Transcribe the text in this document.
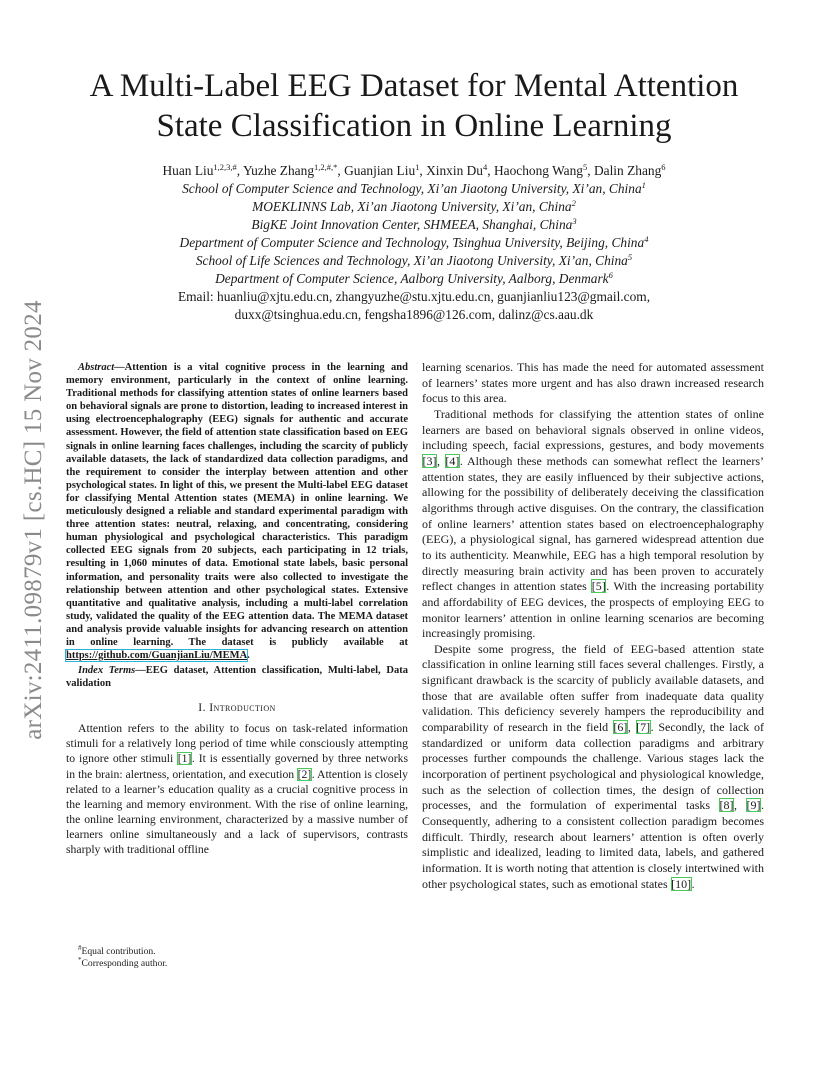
arXiv:2411.09879v1 [cs.HC] 15 Nov 2024
A Multi-Label EEG Dataset for Mental Attention
State Classification in Online Learning
Huan Liu$^{1,2,3,\#}$, Yuzhe Zhang$^{1,2,\#,*}$, Guanjian Liu$^1$, Xinxin Du$^4$, Haochong Wang$^5$, Dalin Zhang$^6$
School of Computer Science and Technology, Xi’an Jiaotong University, Xi’an, China$^1$
MOEKLINNS Lab, Xi’an Jiaotong University, Xi’an, China$^2$
BigKE Joint Innovation Center, SHMEEA, Shanghai, China$^3$
Department of Computer Science and Technology, Tsinghua University, Beijing, China$^4$
School of Life Sciences and Technology, Xi’an Jiaotong University, Xi’an, China$^5$
Department of Computer Science, Aalborg University, Aalborg, Denmark$^6$
Email: huanliu@xjtu.edu.cn, zhangyuzhe@stu.xjtu.edu.cn, guanjianliu123@gmail.com,
duxx@tsinghua.edu.cn, fengsha1896@126.com, dalinz@cs.aau.dk

Abstract—Attention is a vital cognitive process in the learning and memory environment, particularly in the context of online learning. Traditional methods for classifying attention states of online learners based on behavioral signals are prone to distortion, leading to increased interest in using electroencephalography (EEG) signals for authentic and accurate assessment. However, the field of attention state classification based on EEG signals in online learning faces challenges, including the scarcity of publicly available datasets, the lack of standardized data collection paradigms, and the requirement to consider the interplay between attention and other psychological states. In light of this, we present the Multi-label EEG dataset for classifying Mental Attention states (MEMA) in online learning. We meticulously designed a reliable and standard experimental paradigm with three attention states: neutral, relaxing, and concentrating, considering human physiological and psychological characteristics. This paradigm collected EEG signals from 20 subjects, each participating in 12 trials, resulting in 1,060 minutes of data. Emotional state labels, basic personal information, and personality traits were also collected to investigate the relationship between attention and other psychological states. Extensive quantitative and qualitative analysis, including a multi-label correlation study, validated the quality of the EEG attention data. The MEMA dataset and analysis provide valuable insights for advancing research on attention in online learning. The dataset is publicly available at https://github.com/GuanjianLiu/MEMA.

Index Terms—EEG dataset, Attention classification, Multi-label, Data validation

I. Introduction

Attention refers to the ability to focus on task-related information stimuli for a relatively long period of time while consciously attempting to ignore other stimuli [1]. It is essentially governed by three networks in the brain: alertness, orientation, and execution [2]. Attention is closely related to a learner’s education quality as a crucial cognitive process in the learning and memory environment. With the rise of online learning, the online learning environment, characterized by a massive number of learners online simultaneously and a lack of supervisors, contrasts sharply with traditional offline

#Equal contribution.
*Corresponding author.

learning scenarios. This has made the need for automated assessment of learners’ states more urgent and has also drawn increased research focus to this area.

Traditional methods for classifying the attention states of online learners are based on behavioral signals observed in online videos, including speech, facial expressions, gestures, and body movements [3], [4]. Although these methods can somewhat reflect the learners’ attention states, they are easily influenced by their subjective actions, allowing for the possibility of deliberately deceiving the classification algorithms through active disguises. On the contrary, the classification of online learners’ attention states based on electroencephalography (EEG), a physiological signal, has garnered widespread attention due to its authenticity. Meanwhile, EEG has a high temporal resolution by directly measuring brain activity and has been proven to accurately reflect changes in attention states [5]. With the increasing portability and affordability of EEG devices, the prospects of employing EEG to monitor learners’ attention in online learning scenarios are becoming increasingly promising.

Despite some progress, the field of EEG-based attention state classification in online learning still faces several challenges. Firstly, a significant drawback is the scarcity of publicly available datasets, and those that are available often suffer from inadequate data quality validation. This deficiency severely hampers the reproducibility and comparability of research in the field [6], [7]. Secondly, the lack of standardized or uniform data collection paradigms and arbitrary processes further compounds the challenge. Various stages lack the incorporation of pertinent psychological and physiological knowledge, such as the selection of collection times, the design of collection processes, and the formulation of experimental tasks [8], [9]. Consequently, adhering to a consistent collection paradigm becomes difficult. Thirdly, research about learners’ attention is often overly simplistic and idealized, leading to limited data, labels, and gathered information. It is worth noting that attention is closely intertwined with other psychological states, such as emotional states [10].
